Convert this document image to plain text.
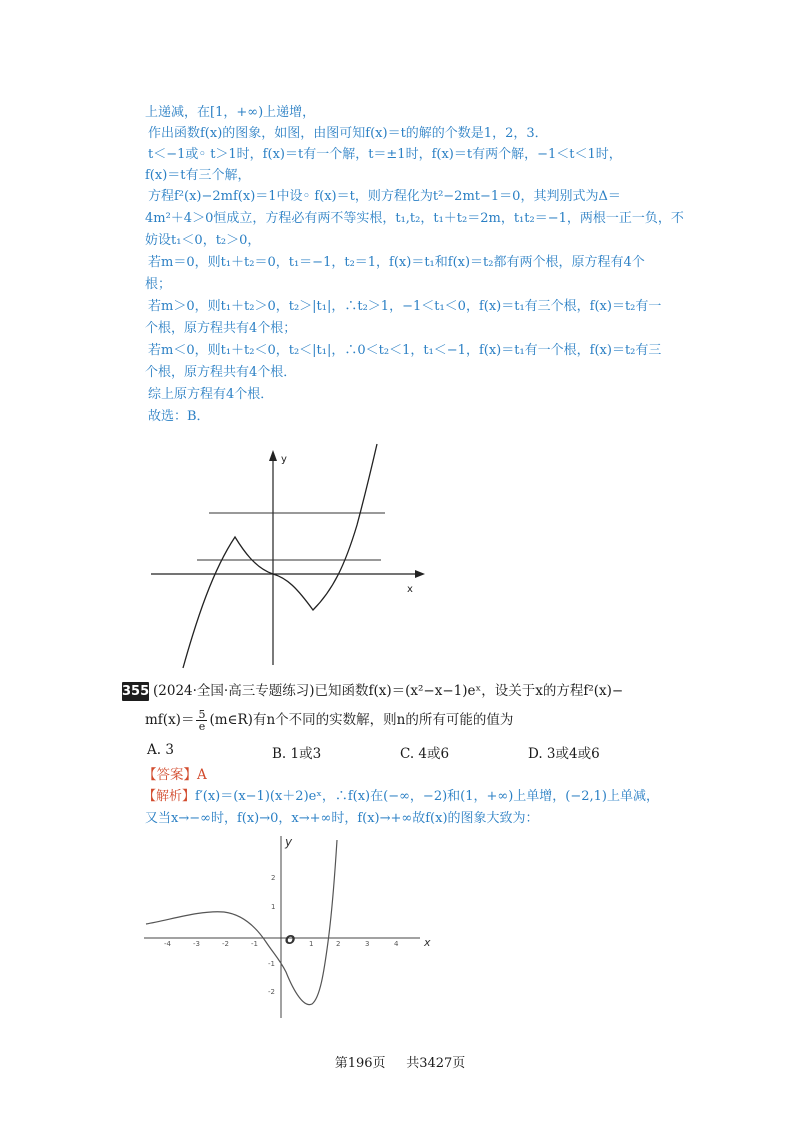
上递减，在[1，+∞)上递增，
作出函数f(x)的图象，如图，由图可知f(x)＝t的解的个数是1，2，3．
t＜−1或◦ t＞1时，f(x)＝t有一个解，t＝±1时，f(x)＝t有两个解，−1＜t＜1时，
f(x)＝t有三个解，
方程f²(x)−2mf(x)＝1中设◦ f(x)＝t，则方程化为t²−2mt−1＝0，其判别式为Δ＝
4m²＋4＞0恒成立，方程必有两不等实根，t₁,t₂，t₁＋t₂＝2m，t₁t₂＝−1，两根一正一负，不
妨设t₁＜0，t₂＞0，
若m＝0，则t₁＋t₂＝0，t₁＝−1，t₂＝1，f(x)＝t₁和f(x)＝t₂都有两个根，原方程有4个
根；
若m＞0，则t₁＋t₂＞0，t₂＞|t₁|，∴t₂＞1，−1＜t₁＜0，f(x)＝t₁有三个根，f(x)＝t₂有一
个根，原方程共有4个根；
若m＜0，则t₁＋t₂＜0，t₂＜|t₁|，∴0＜t₂＜1，t₁＜−1，f(x)＝t₁有一个根，f(x)＝t₂有三
个根，原方程共有4个根．
综上原方程有4个根．
故选：B．
x
y
355 (2024·全国·高三专题练习)已知函数f(x)＝(x²−x−1)eˣ，设关于x的方程f²(x)−
$mf(x)= \frac{5}{e}$ (m∈R)有n个不同的实数解，则n的所有可能的值为
A. 3	B. 1或3	C. 4或6	D. 3或4或6
【答案】A
【解析】f′(x)＝(x−1)(x＋2)eˣ，∴f(x)在(−∞，−2)和(1，+∞)上单增，(−2,1)上单减，
又当x→−∞时，f(x)→0，x→+∞时，f(x)→+∞故f(x)的图象大致为：
x
y
O
-4	-3	-2	-1	1	2	3	4
2
1
-1
-2
第196页 共3427页
